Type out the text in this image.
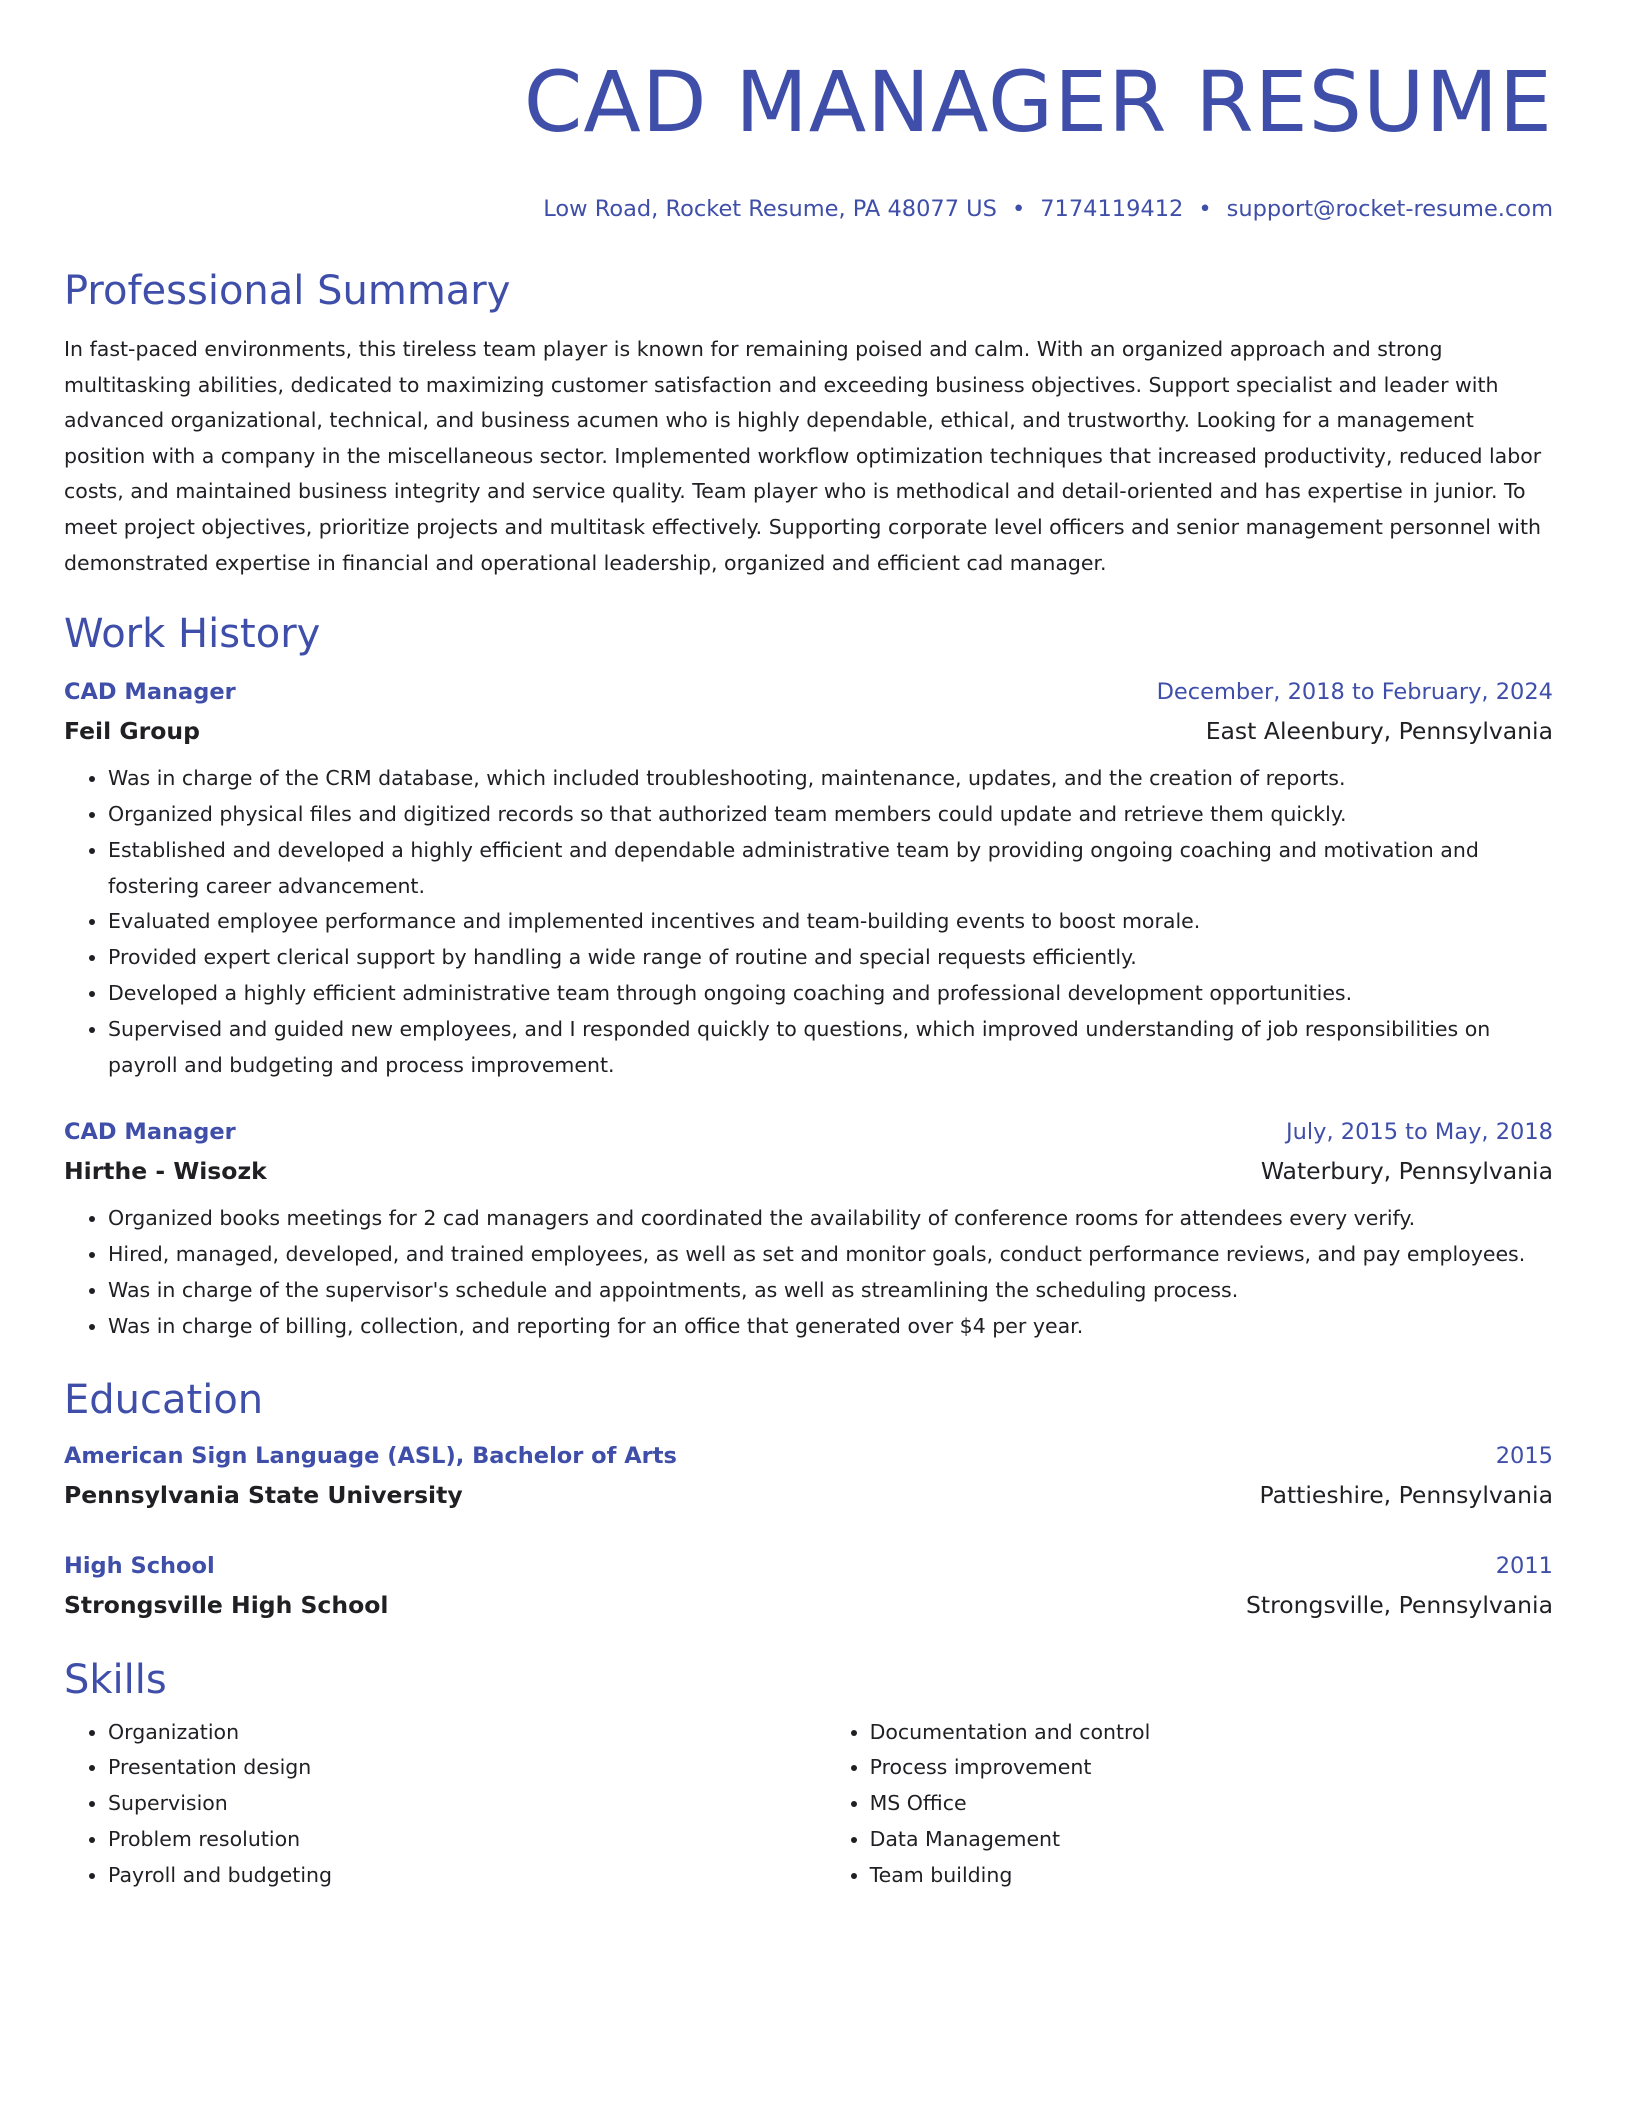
CAD MANAGER RESUME
Low Road, Rocket Resume, PA 48077 US • 7174119412 • support@rocket-resume.com
Professional Summary
In fast-paced environments, this tireless team player is known for remaining poised and calm. With an organized approach and strong multitasking abilities, dedicated to maximizing customer satisfaction and exceeding business objectives. Support specialist and leader with advanced organizational, technical, and business acumen who is highly dependable, ethical, and trustworthy. Looking for a management position with a company in the miscellaneous sector. Implemented workflow optimization techniques that increased productivity, reduced labor costs, and maintained business integrity and service quality. Team player who is methodical and detail-oriented and has expertise in junior. To meet project objectives, prioritize projects and multitask effectively. Supporting corporate level officers and senior management personnel with demonstrated expertise in financial and operational leadership, organized and efficient cad manager.
Work History
CAD Manager	December, 2018 to February, 2024
Feil Group	East Aleenbury, Pennsylvania
• Was in charge of the CRM database, which included troubleshooting, maintenance, updates, and the creation of reports.
• Organized physical files and digitized records so that authorized team members could update and retrieve them quickly.
• Established and developed a highly efficient and dependable administrative team by providing ongoing coaching and motivation and fostering career advancement.
• Evaluated employee performance and implemented incentives and team-building events to boost morale.
• Provided expert clerical support by handling a wide range of routine and special requests efficiently.
• Developed a highly efficient administrative team through ongoing coaching and professional development opportunities.
• Supervised and guided new employees, and I responded quickly to questions, which improved understanding of job responsibilities on payroll and budgeting and process improvement.
CAD Manager	July, 2015 to May, 2018
Hirthe - Wisozk	Waterbury, Pennsylvania
• Organized books meetings for 2 cad managers and coordinated the availability of conference rooms for attendees every verify.
• Hired, managed, developed, and trained employees, as well as set and monitor goals, conduct performance reviews, and pay employees.
• Was in charge of the supervisor's schedule and appointments, as well as streamlining the scheduling process.
• Was in charge of billing, collection, and reporting for an office that generated over $4 per year.
Education
American Sign Language (ASL), Bachelor of Arts	2015
Pennsylvania State University	Pattieshire, Pennsylvania
High School	2011
Strongsville High School	Strongsville, Pennsylvania
Skills
• Organization
• Presentation design
• Supervision
• Problem resolution
• Payroll and budgeting
• Documentation and control
• Process improvement
• MS Office
• Data Management
• Team building
